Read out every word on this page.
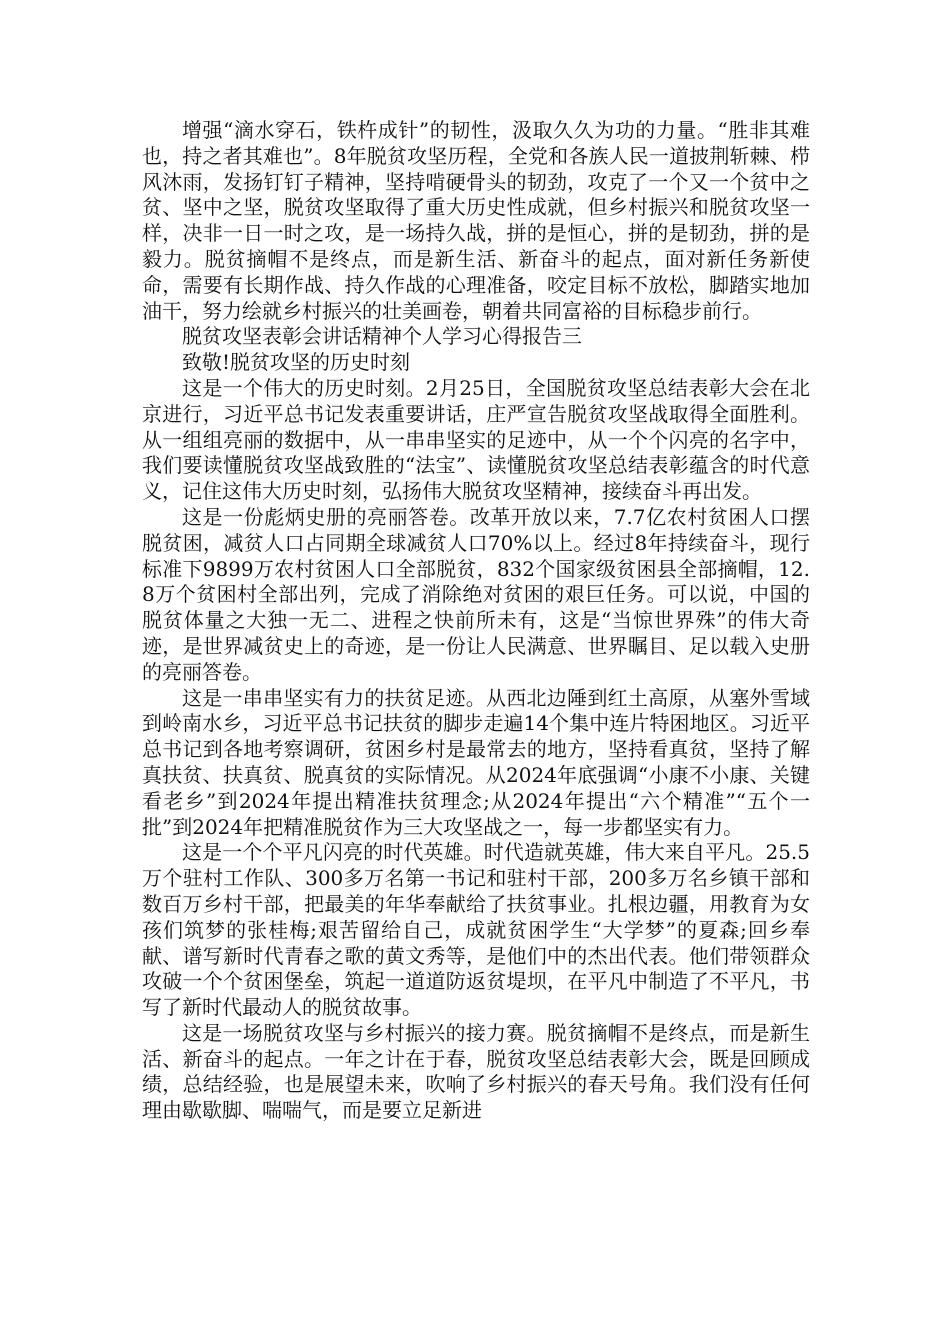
增强“滴水穿石，铁杵成针”的韧性，汲取久久为功的力量。“胜非其难也，持之者其难也”。8年脱贫攻坚历程，全党和各族人民一道披荆斩棘、栉风沐雨，发扬钉钉子精神，坚持啃硬骨头的韧劲，攻克了一个又一个贫中之贫、坚中之坚，脱贫攻坚取得了重大历史性成就，但乡村振兴和脱贫攻坚一样，决非一日一时之攻，是一场持久战，拼的是恒心，拼的是韧劲，拼的是毅力。脱贫摘帽不是终点，而是新生活、新奋斗的起点，面对新任务新使命，需要有长期作战、持久作战的心理准备，咬定目标不放松，脚踏实地加油干，努力绘就乡村振兴的壮美画卷，朝着共同富裕的目标稳步前行。

脱贫攻坚表彰会讲话精神个人学习心得报告三

致敬!脱贫攻坚的历史时刻

这是一个伟大的历史时刻。2月25日，全国脱贫攻坚总结表彰大会在北京进行，习近平总书记发表重要讲话，庄严宣告脱贫攻坚战取得全面胜利。从一组组亮丽的数据中，从一串串坚实的足迹中，从一个个闪亮的名字中，我们要读懂脱贫攻坚战致胜的“法宝”、读懂脱贫攻坚总结表彰蕴含的时代意义，记住这伟大历史时刻，弘扬伟大脱贫攻坚精神，接续奋斗再出发。

这是一份彪炳史册的亮丽答卷。改革开放以来，7.7亿农村贫困人口摆脱贫困，减贫人口占同期全球减贫人口70%以上。经过8年持续奋斗，现行标准下9899万农村贫困人口全部脱贫，832个国家级贫困县全部摘帽，12.8万个贫困村全部出列，完成了消除绝对贫困的艰巨任务。可以说，中国的脱贫体量之大独一无二、进程之快前所未有，这是“当惊世界殊”的伟大奇迹，是世界减贫史上的奇迹，是一份让人民满意、世界瞩目、足以载入史册的亮丽答卷。

这是一串串坚实有力的扶贫足迹。从西北边陲到红土高原，从塞外雪域到岭南水乡，习近平总书记扶贫的脚步走遍14个集中连片特困地区。习近平总书记到各地考察调研，贫困乡村是最常去的地方，坚持看真贫，坚持了解真扶贫、扶真贫、脱真贫的实际情况。从2024年底强调“小康不小康、关键看老乡”到2024年提出精准扶贫理念;从2024年提出“六个精准”“五个一批”到2024年把精准脱贫作为三大攻坚战之一，每一步都坚实有力。

这是一个个平凡闪亮的时代英雄。时代造就英雄，伟大来自平凡。25.5万个驻村工作队、300多万名第一书记和驻村干部，200多万名乡镇干部和数百万乡村干部，把最美的年华奉献给了扶贫事业。扎根边疆，用教育为女孩们筑梦的张桂梅;艰苦留给自己，成就贫困学生“大学梦”的夏森;回乡奉献、谱写新时代青春之歌的黄文秀等，是他们中的杰出代表。他们带领群众攻破一个个贫困堡垒，筑起一道道防返贫堤坝，在平凡中制造了不平凡，书写了新时代最动人的脱贫故事。

这是一场脱贫攻坚与乡村振兴的接力赛。脱贫摘帽不是终点，而是新生活、新奋斗的起点。一年之计在于春，脱贫攻坚总结表彰大会，既是回顾成绩，总结经验，也是展望未来，吹响了乡村振兴的春天号角。我们没有任何理由歇歇脚、喘喘气，而是要立足新进
